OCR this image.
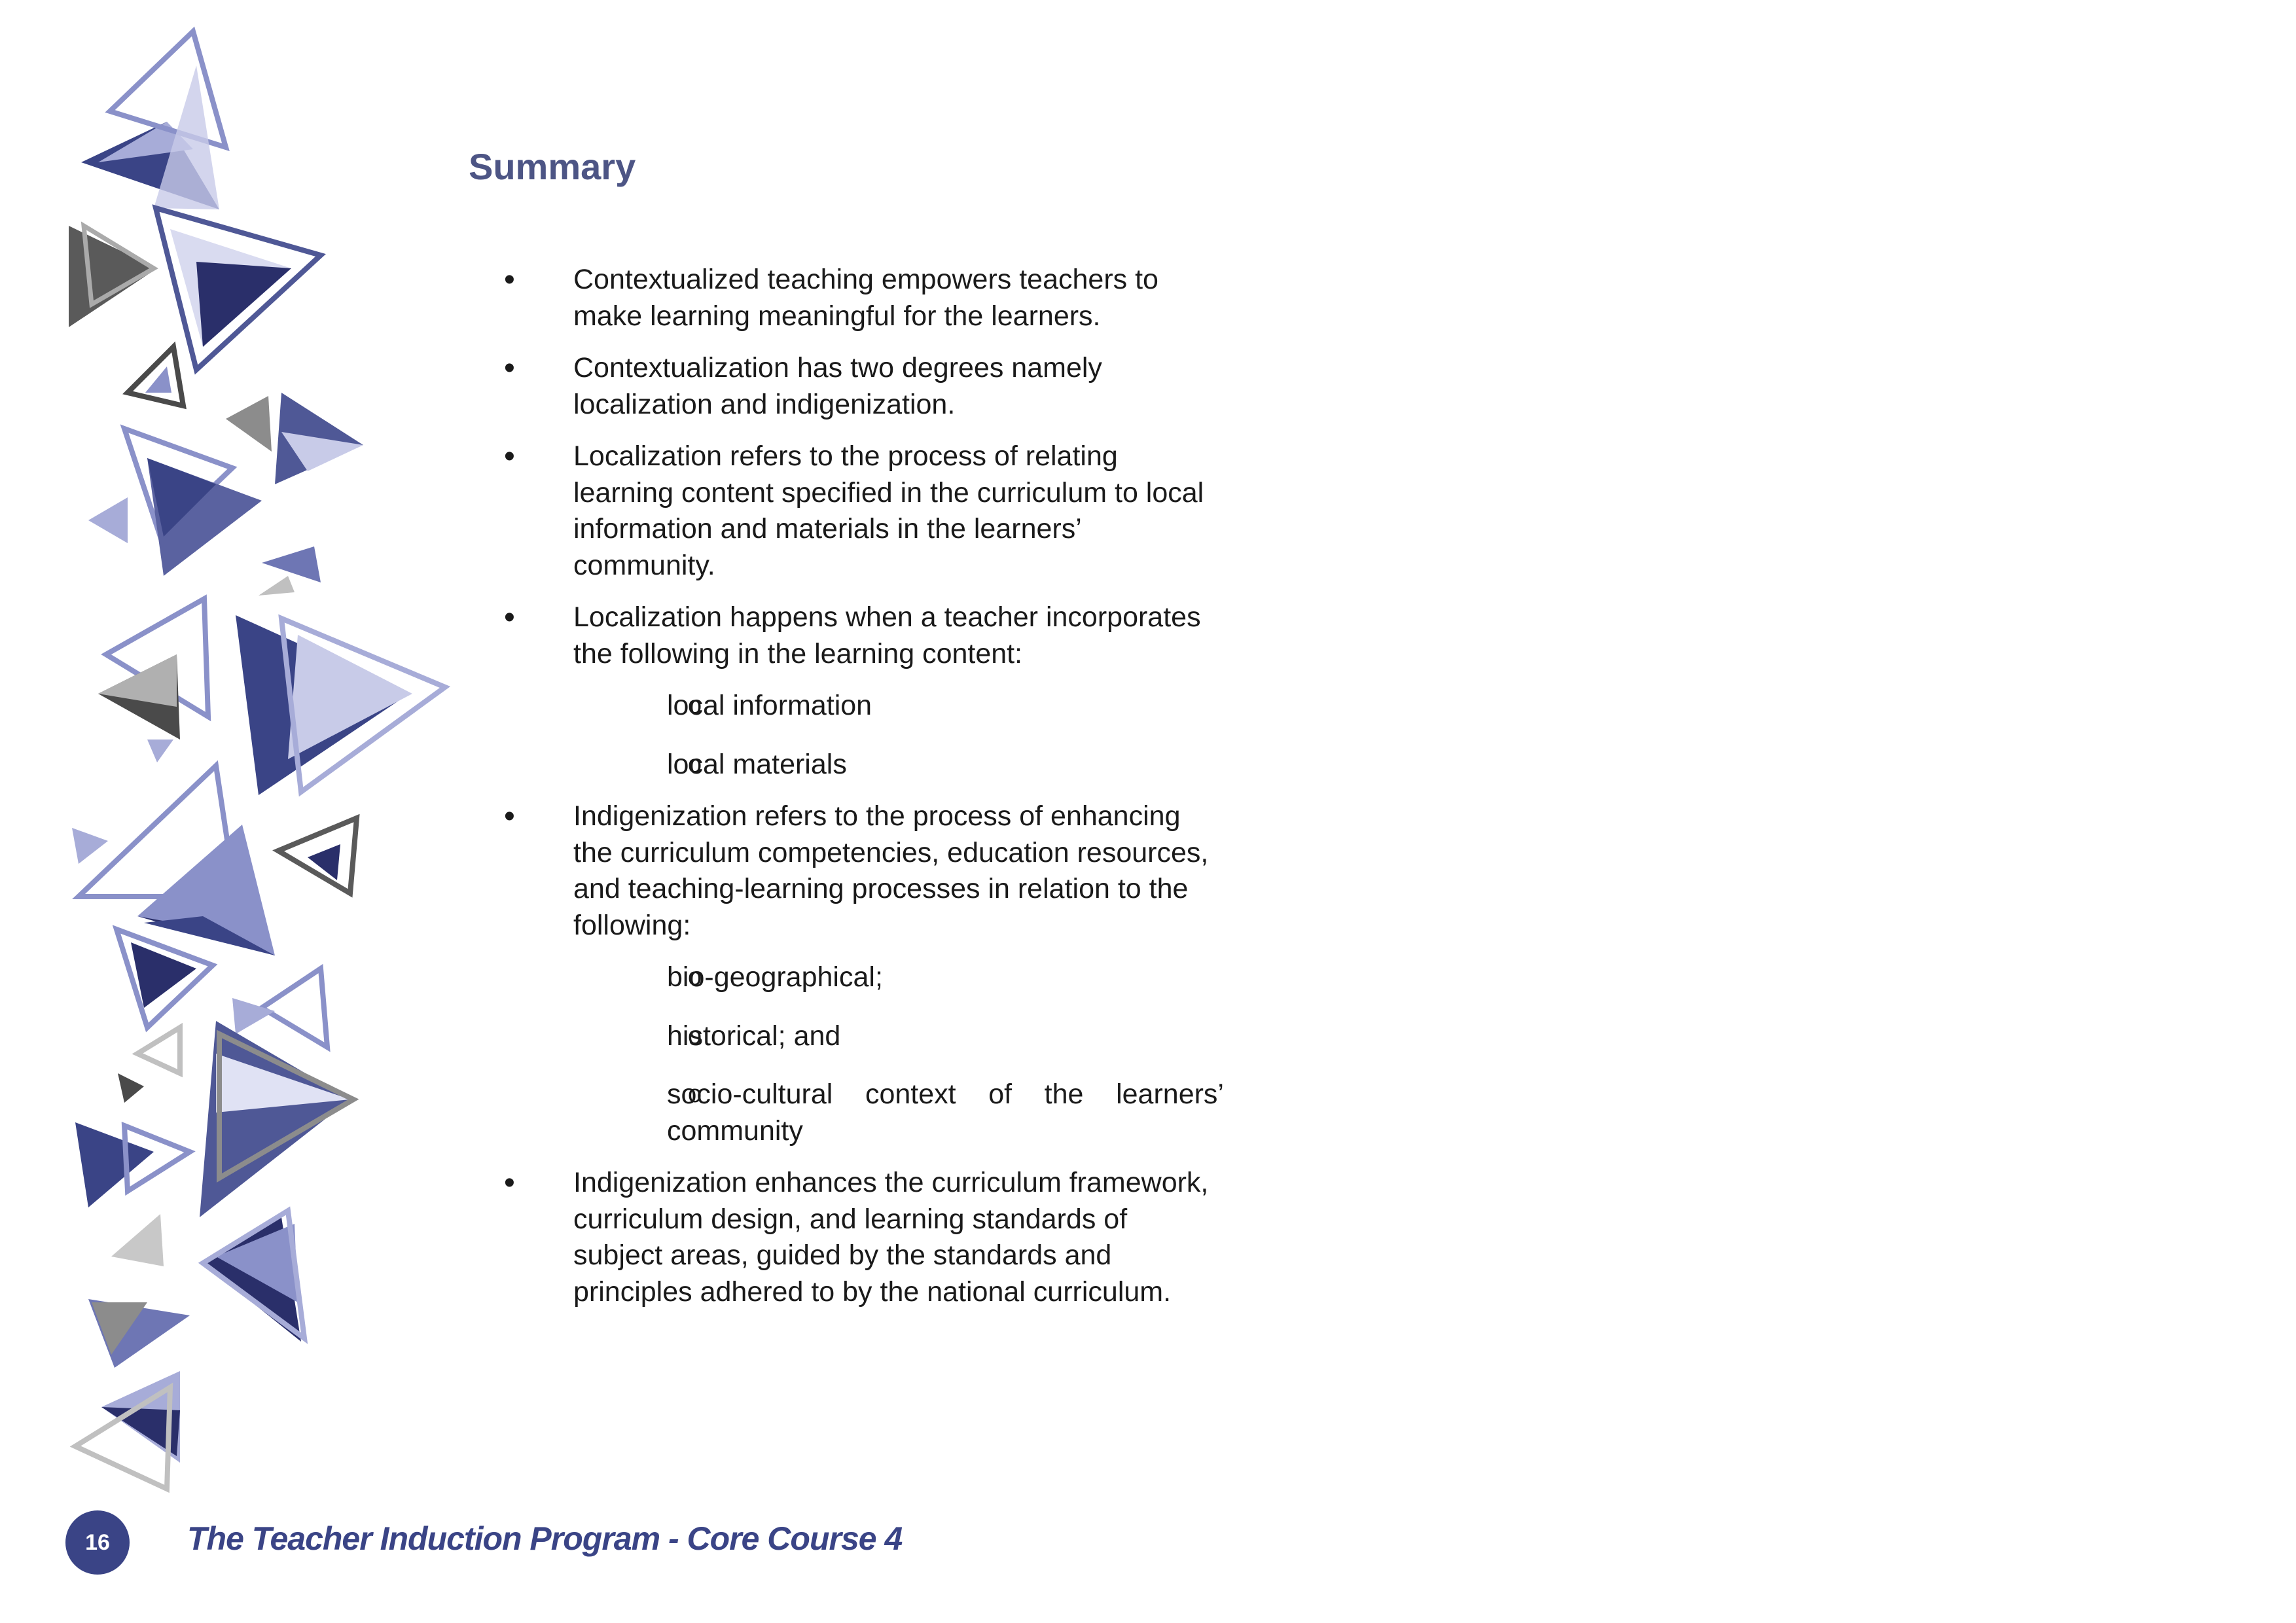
Summary
• Contextualized teaching empowers teachers to make learning meaningful for the learners.
• Contextualization has two degrees namely localization and indigenization.
• Localization refers to the process of relating learning content specified in the curriculum to local information and materials in the learners’ community.
• Localization happens when a teacher incorporates the following in the learning content:
o local information
o local materials
• Indigenization refers to the process of enhancing the curriculum competencies, education resources, and teaching-learning processes in relation to the following:
o bio-geographical;
o historical; and
o socio-cultural context of the learners’ community
• Indigenization enhances the curriculum framework, curriculum design, and learning standards of subject areas, guided by the standards and principles adhered to by the national curriculum.
16 The Teacher Induction Program - Core Course 4
